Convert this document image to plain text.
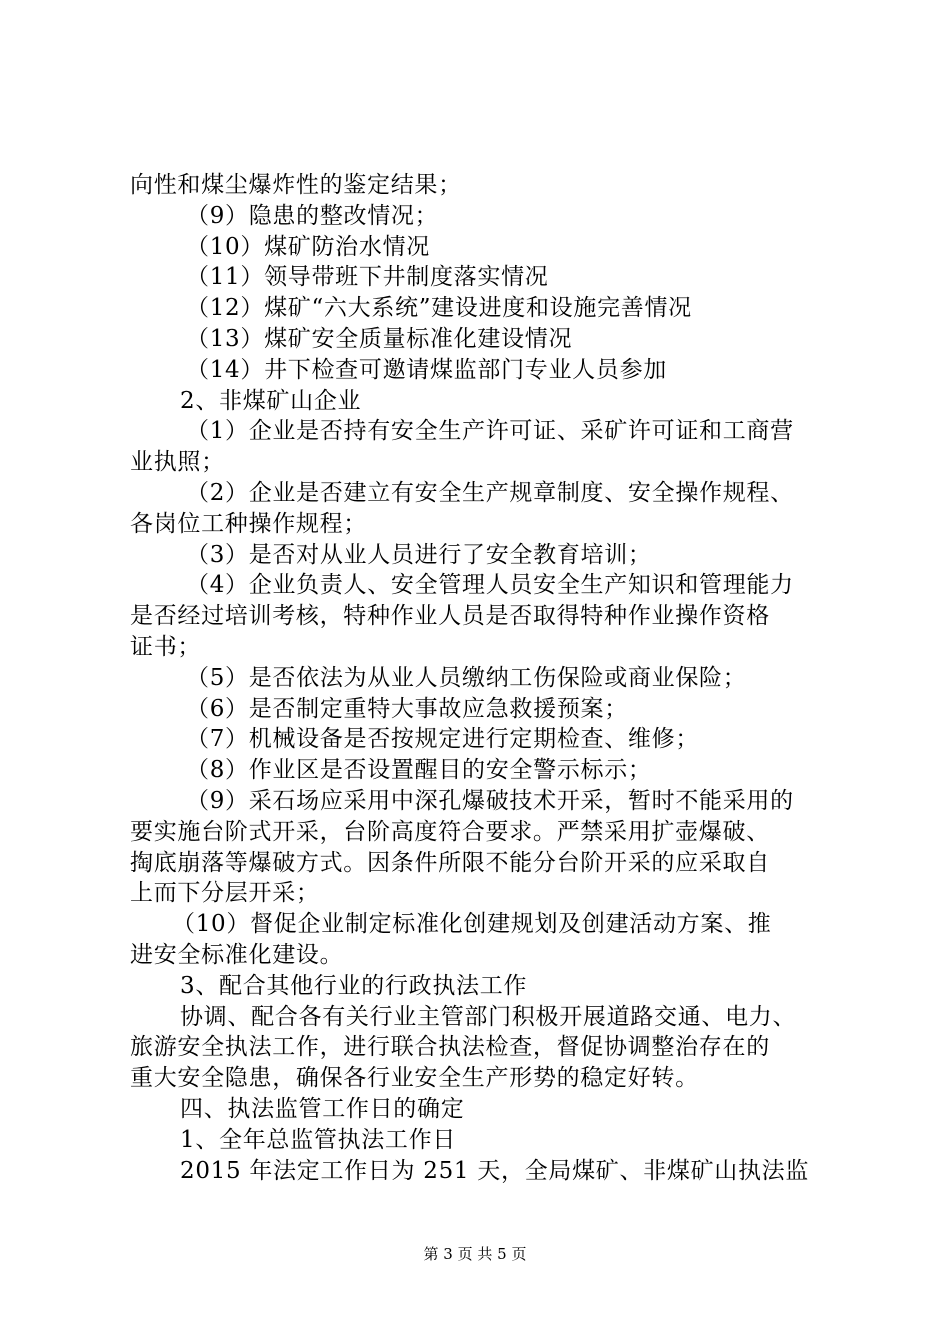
向性和煤尘爆炸性的鉴定结果；
（9）隐患的整改情况；
（10）煤矿防治水情况
（11）领导带班下井制度落实情况
（12）煤矿“六大系统”建设进度和设施完善情况
（13）煤矿安全质量标准化建设情况
（14）井下检查可邀请煤监部门专业人员参加
2、非煤矿山企业
（1）企业是否持有安全生产许可证、采矿许可证和工商营
业执照；
（2）企业是否建立有安全生产规章制度、安全操作规程、
各岗位工种操作规程；
（3）是否对从业人员进行了安全教育培训；
（4）企业负责人、安全管理人员安全生产知识和管理能力
是否经过培训考核，特种作业人员是否取得特种作业操作资格
证书；
（5）是否依法为从业人员缴纳工伤保险或商业保险；
（6）是否制定重特大事故应急救援预案；
（7）机械设备是否按规定进行定期检查、维修；
（8）作业区是否设置醒目的安全警示标示；
（9）采石场应采用中深孔爆破技术开采，暂时不能采用的
要实施台阶式开采，台阶高度符合要求。严禁采用扩壶爆破、
掏底崩落等爆破方式。因条件所限不能分台阶开采的应采取自
上而下分层开采；
（10）督促企业制定标准化创建规划及创建活动方案、推
进安全标准化建设。
3、配合其他行业的行政执法工作
协调、配合各有关行业主管部门积极开展道路交通、电力、
旅游安全执法工作，进行联合执法检查，督促协调整治存在的
重大安全隐患，确保各行业安全生产形势的稳定好转。
四、执法监管工作日的确定
1、全年总监管执法工作日
2015 年法定工作日为 251 天，全局煤矿、非煤矿山执法监
第 3 页 共 5 页
